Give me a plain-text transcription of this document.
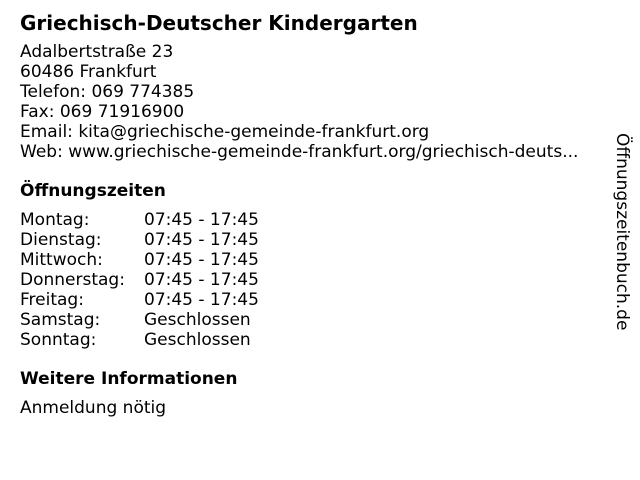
Griechisch-Deutscher Kindergarten
Adalbertstraße 23
60486 Frankfurt
Telefon: 069 774385
Fax: 069 71916900
Email: kita@griechische-gemeinde-frankfurt.org
Web:
www.griechische-gemeinde-frankfurt.org/griechisch-deuts...
Öffnungszeiten
Montag:	07:45 - 17:45
Dienstag:	07:45 - 17:45
Mittwoch:	07:45 - 17:45
Donnerstag:	07:45 - 17:45
Freitag:	07:45 - 17:45
Samstag:	Geschlossen
Sonntag:	Geschlossen
Weitere Informationen
Anmeldung nötig
Öffnungszeitenbuch.de
